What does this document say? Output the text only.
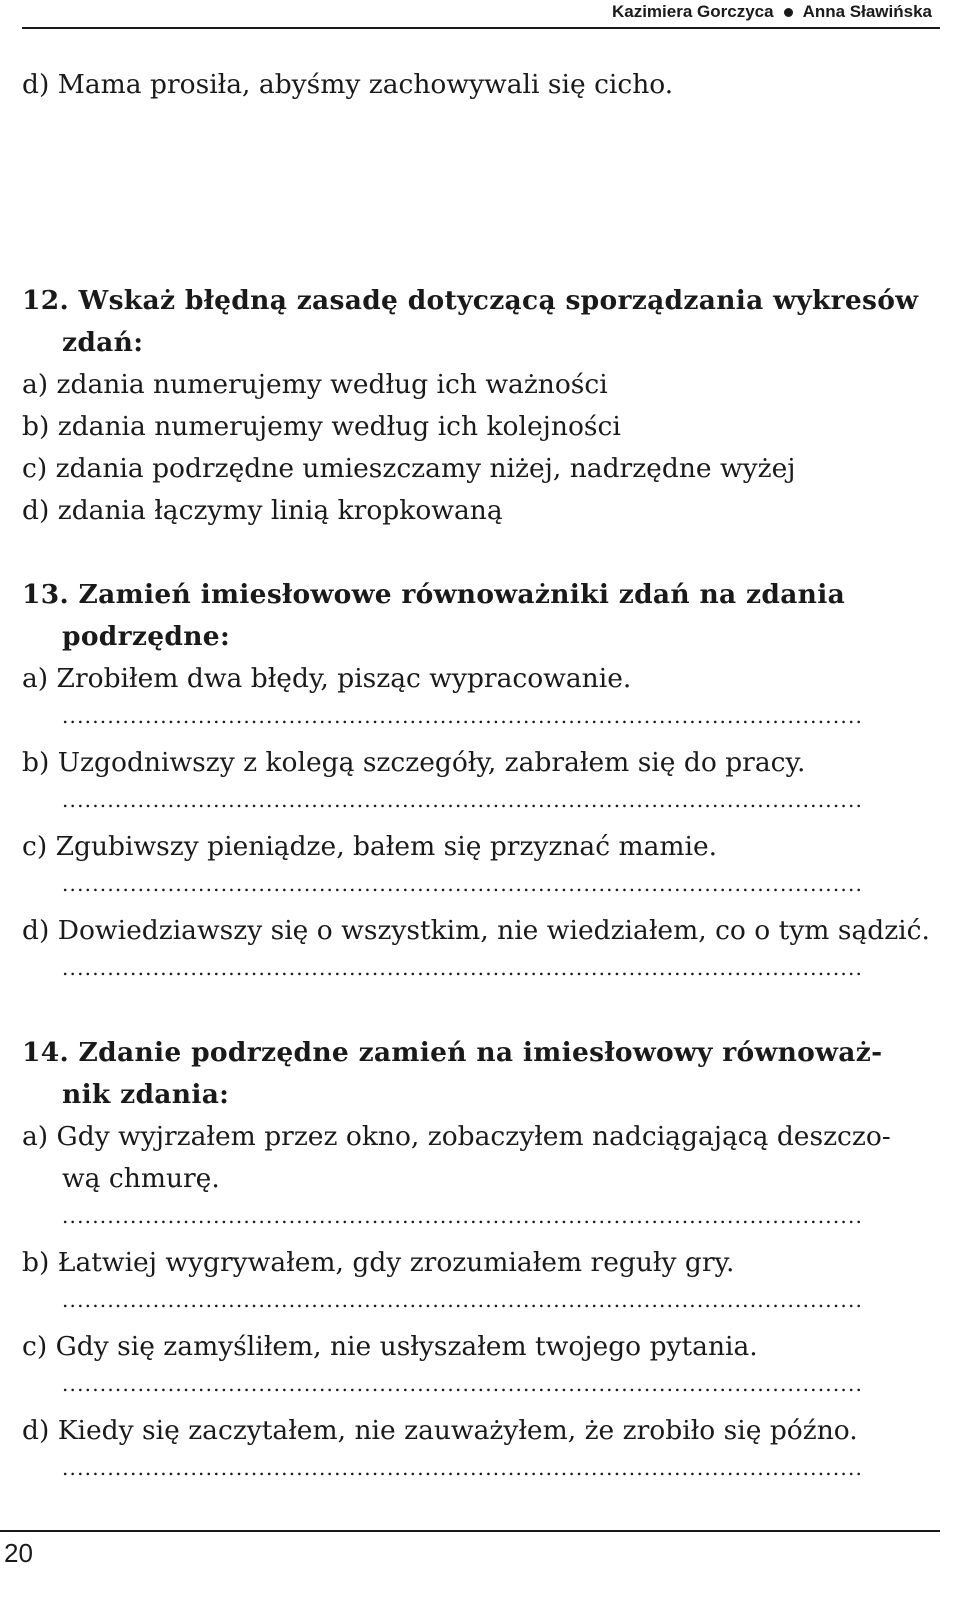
Kazimiera Gorczyca Anna Sławińska
d) Mama prosiła, abyśmy zachowywali się cicho.
12. Wskaż błędną zasadę dotyczącą sporządzania wykresów
zdań:
a) zdania numerujemy według ich ważności
b) zdania numerujemy według ich kolejności
c) zdania podrzędne umieszczamy niżej, nadrzędne wyżej
d) zdania łączymy linią kropkowaną
13. Zamień imiesłowowe równoważniki zdań na zdania
podrzędne:
a) Zrobiłem dwa błędy, pisząc wypracowanie.
..........................................................................................................
b) Uzgodniwszy z kolegą szczegóły, zabrałem się do pracy.
..........................................................................................................
c) Zgubiwszy pieniądze, bałem się przyznać mamie.
..........................................................................................................
d) Dowiedziawszy się o wszystkim, nie wiedziałem, co o tym sądzić.
..........................................................................................................
14. Zdanie podrzędne zamień na imiesłowowy równoważ-
nik zdania:
a) Gdy wyjrzałem przez okno, zobaczyłem nadciągającą deszczo-
wą chmurę.
..........................................................................................................
b) Łatwiej wygrywałem, gdy zrozumiałem reguły gry.
..........................................................................................................
c) Gdy się zamyśliłem, nie usłyszałem twojego pytania.
..........................................................................................................
d) Kiedy się zaczytałem, nie zauważyłem, że zrobiło się późno.
..........................................................................................................
20
